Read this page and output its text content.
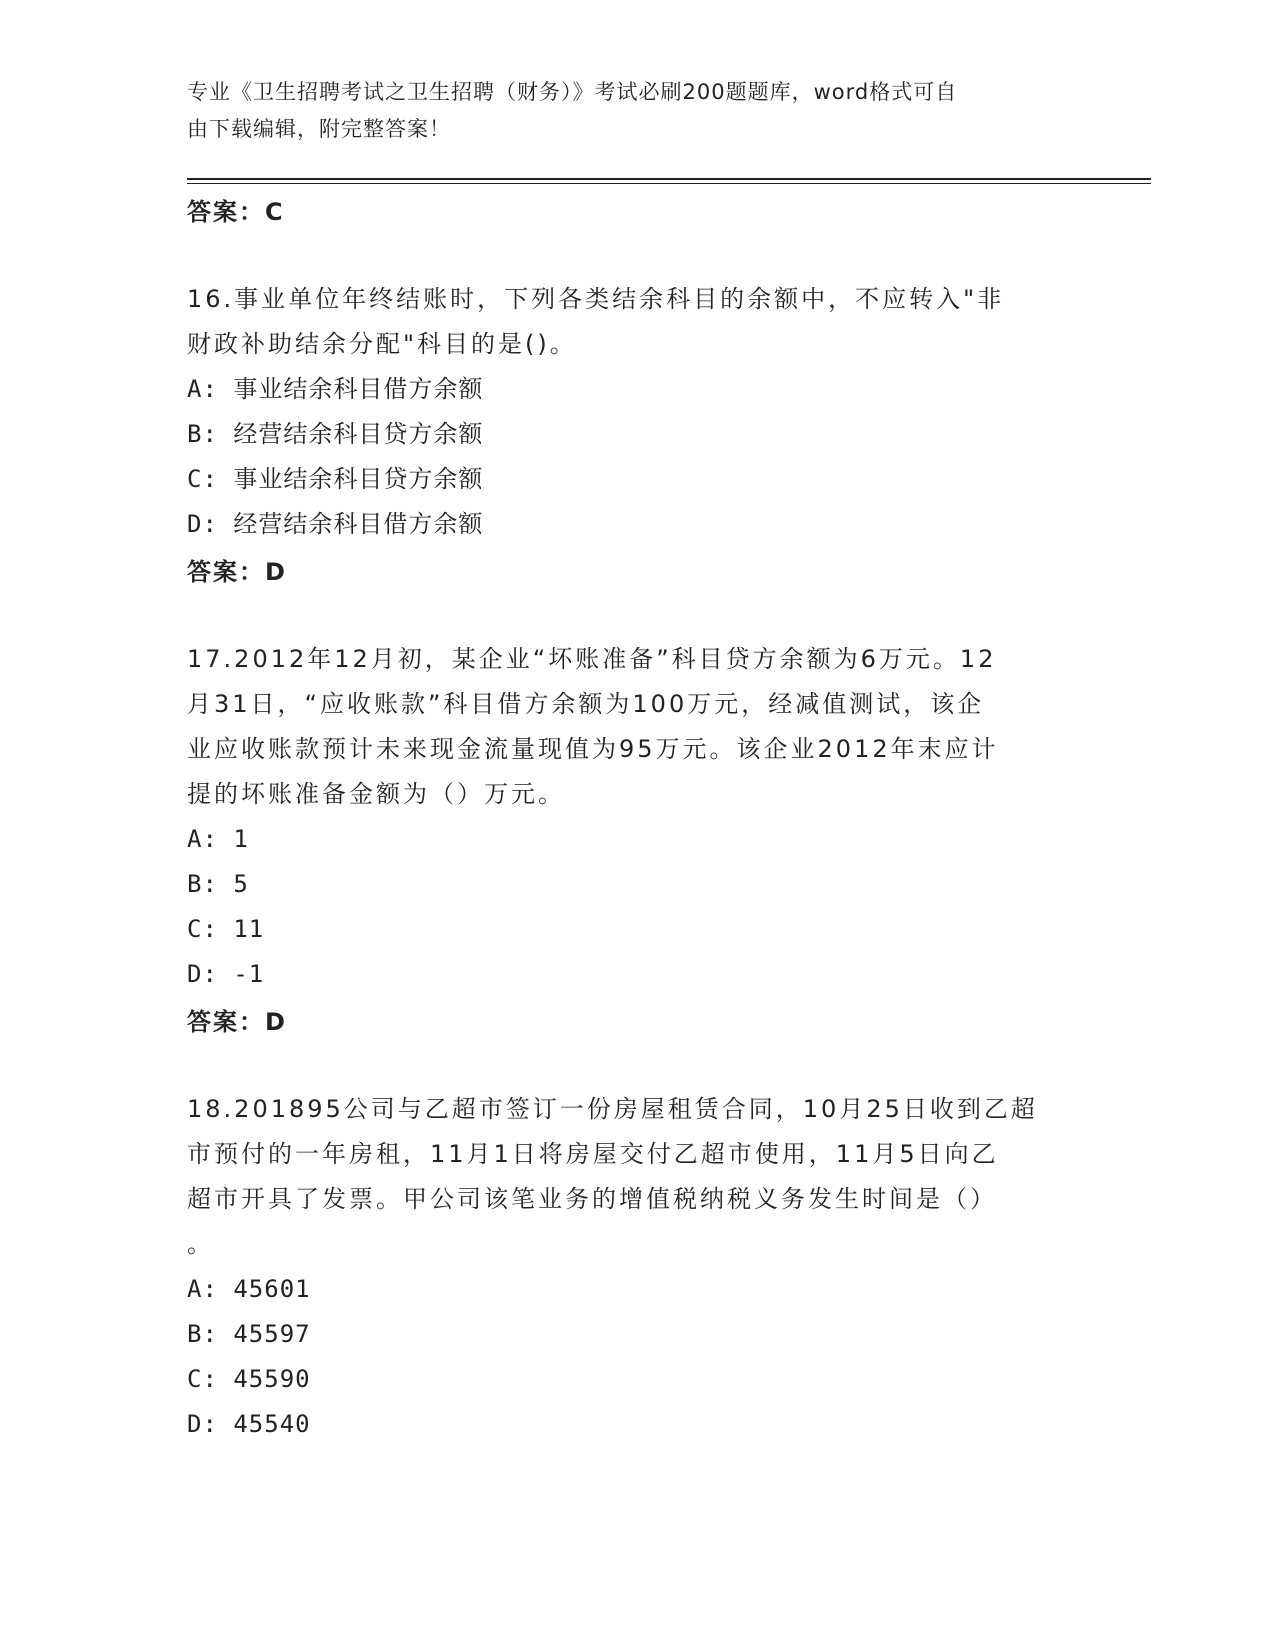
专业《卫生招聘考试之卫生招聘（财务）》考试必刷200题题库，word格式可自
由下载编辑，附完整答案！
答案：C

16.事业单位年终结账时，下列各类结余科目的余额中，不应转入"非

财政补助结余分配"科目的是()。

A: 事业结余科目借方余额
B: 经营结余科目贷方余额
C: 事业结余科目贷方余额
D: 经营结余科目借方余额
答案：D

17.2012年12月初，某企业“坏账准备”科目贷方余额为6万元。12

月31日，“应收账款”科目借方余额为100万元，经减值测试，该企

业应收账款预计未来现金流量现值为95万元。该企业2012年末应计

提的坏账准备金额为（）万元。

A: 1
B: 5
C: 11
D: -1
答案：D

18.201895公司与乙超市签订一份房屋租赁合同，10月25日收到乙超

市预付的一年房租，11月1日将房屋交付乙超市使用，11月5日向乙

超市开具了发票。甲公司该笔业务的增值税纳税义务发生时间是（）

。

A: 45601
B: 45597
C: 45590
D: 45540
